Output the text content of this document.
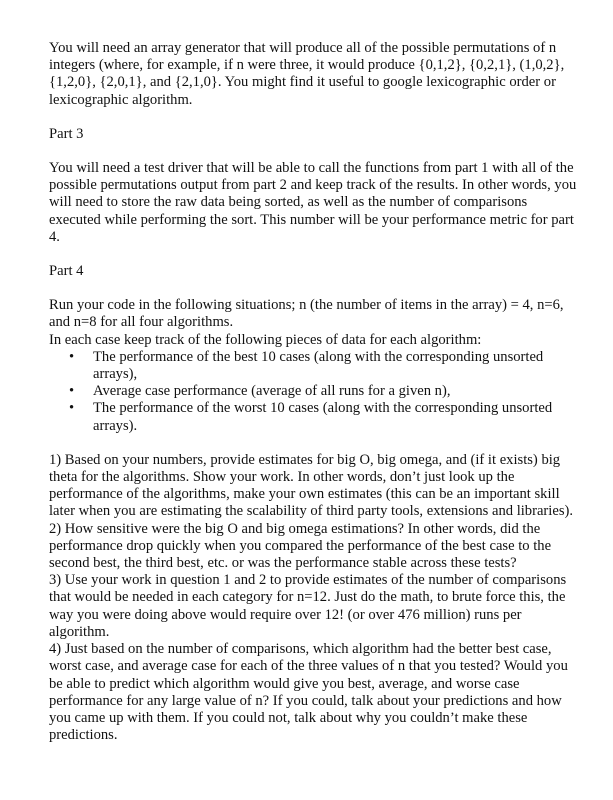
You will need an array generator that will produce all of the possible permutations of n integers (where, for example, if n were three, it would produce {0,1,2}, {0,2,1}, (1,0,2}, {1,2,0}, {2,0,1}, and {2,1,0}. You might find it useful to google lexicographic order or lexicographic algorithm.

Part 3

You will need a test driver that will be able to call the functions from part 1 with all of the possible permutations output from part 2 and keep track of the results. In other words, you will need to store the raw data being sorted, as well as the number of comparisons executed while performing the sort. This number will be your performance metric for part 4.

Part 4

Run your code in the following situations; n (the number of items in the array) = 4, n=6, and n=8 for all four algorithms.

In each case keep track of the following pieces of data for each algorithm:

• The performance of the best 10 cases (along with the corresponding unsorted arrays),
• Average case performance (average of all runs for a given n),
• The performance of the worst 10 cases (along with the corresponding unsorted arrays).

1) Based on your numbers, provide estimates for big O, big omega, and (if it exists) big theta for the algorithms. Show your work. In other words, don’t just look up the performance of the algorithms, make your own estimates (this can be an important skill later when you are estimating the scalability of third party tools, extensions and libraries).

2) How sensitive were the big O and big omega estimations? In other words, did the performance drop quickly when you compared the performance of the best case to the second best, the third best, etc. or was the performance stable across these tests?

3) Use your work in question 1 and 2 to provide estimates of the number of comparisons that would be needed in each category for n=12. Just do the math, to brute force this, the way you were doing above would require over 12! (or over 476 million) runs per algorithm.

4) Just based on the number of comparisons, which algorithm had the better best case, worst case, and average case for each of the three values of n that you tested? Would you be able to predict which algorithm would give you best, average, and worse case performance for any large value of n? If you could, talk about your predictions and how you came up with them. If you could not, talk about why you couldn’t make these predictions.
